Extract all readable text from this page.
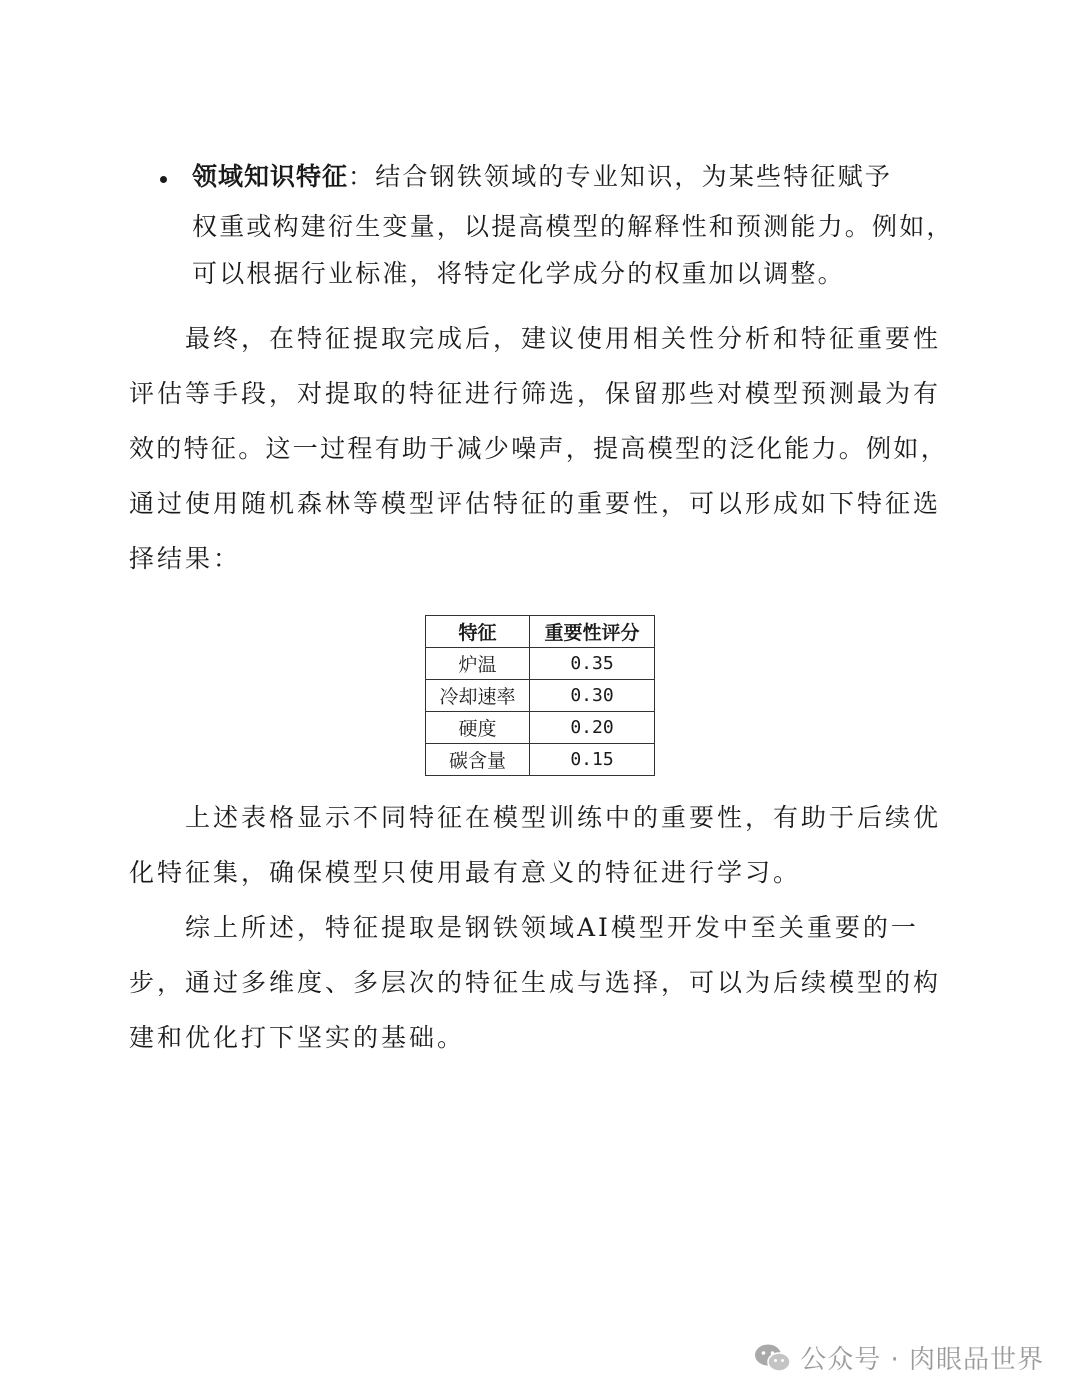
领域知识特征：结合钢铁领域的专业知识，为某些特征赋予
权重或构建衍生变量，以提高模型的解释性和预测能力。例如，
可以根据行业标准，将特定化学成分的权重加以调整。
最终，在特征提取完成后，建议使用相关性分析和特征重要性
评估等手段，对提取的特征进行筛选，保留那些对模型预测最为有
效的特征。这一过程有助于减少噪声，提高模型的泛化能力。例如，
通过使用随机森林等模型评估特征的重要性，可以形成如下特征选
择结果：
特征	重要性评分
炉温	0.35
冷却速率	0.30
硬度	0.20
碳含量	0.15
上述表格显示不同特征在模型训练中的重要性，有助于后续优
化特征集，确保模型只使用最有意义的特征进行学习。
综上所述，特征提取是钢铁领域AI模型开发中至关重要的一
步，通过多维度、多层次的特征生成与选择，可以为后续模型的构
建和优化打下坚实的基础。
公众号 · 肉眼品世界
